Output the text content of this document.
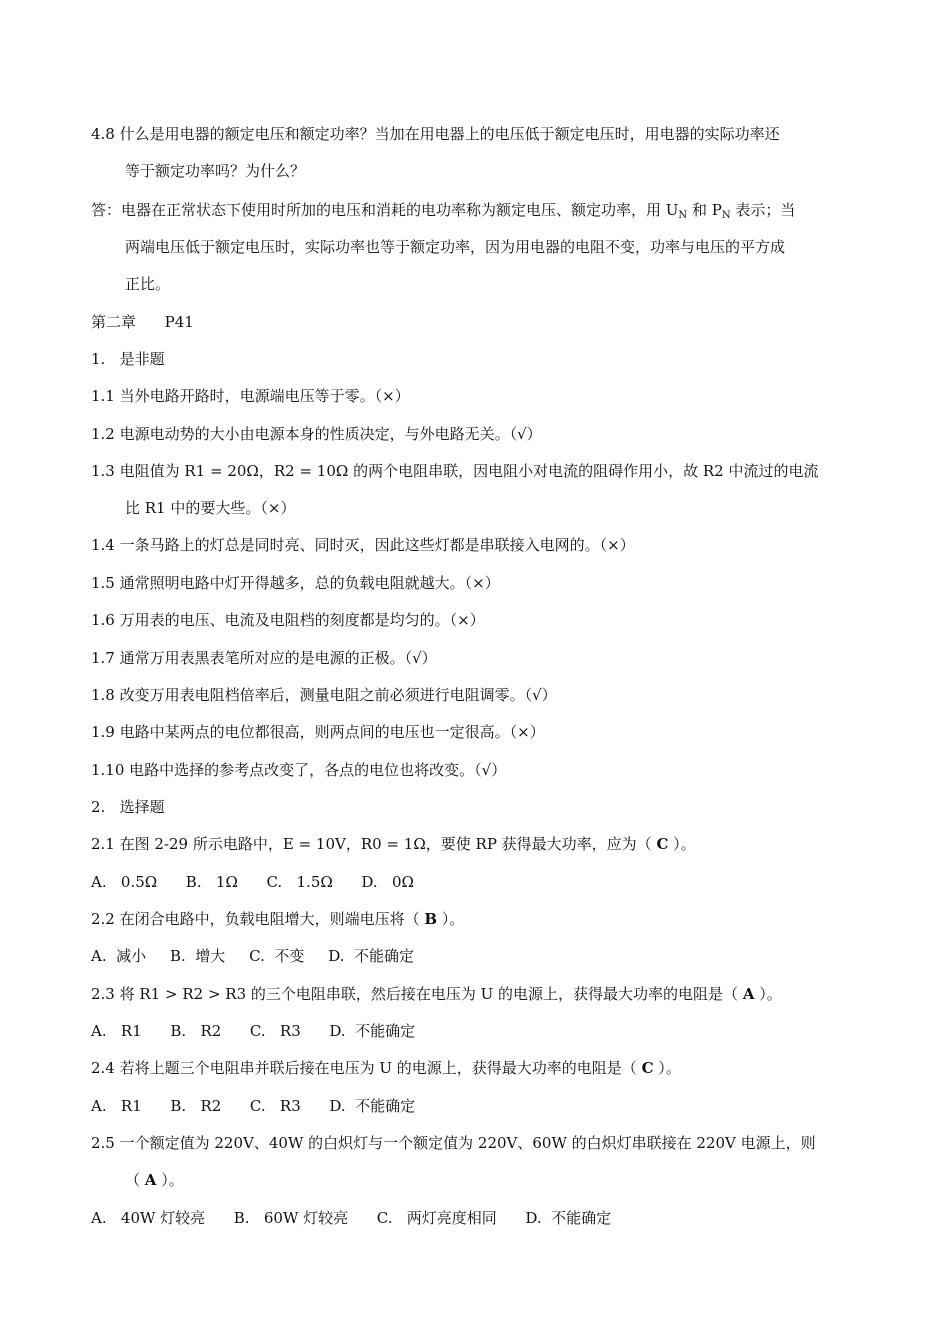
4.8 什么是用电器的额定电压和额定功率？当加在用电器上的电压低于额定电压时，用电器的实际功率还
等于额定功率吗？为什么？
答：电器在正常状态下使用时所加的电压和消耗的电功率称为额定电压、额定功率，用 $U_N$ 和 $P_N$ 表示；当
两端电压低于额定电压时，实际功率也等于额定功率，因为用电器的电阻不变，功率与电压的平方成
正比。
第二章      P41
1.   是非题
1.1 当外电路开路时，电源端电压等于零。（×）
1.2 电源电动势的大小由电源本身的性质决定，与外电路无关。（√）
1.3 电阻值为 R1 = 20Ω，R2 = 10Ω 的两个电阻串联，因电阻小对电流的阻碍作用小，故 R2 中流过的电流
比 R1 中的要大些。（×）
1.4 一条马路上的灯总是同时亮、同时灭，因此这些灯都是串联接入电网的。（×）
1.5 通常照明电路中灯开得越多，总的负载电阻就越大。（×）
1.6 万用表的电压、电流及电阻档的刻度都是均匀的。（×）
1.7 通常万用表黑表笔所对应的是电源的正极。（√）
1.8 改变万用表电阻档倍率后，测量电阻之前必须进行电阻调零。（√）
1.9 电路中某两点的电位都很高，则两点间的电压也一定很高。（×）
1.10 电路中选择的参考点改变了，各点的电位也将改变。（√）
2.   选择题
2.1 在图 2-29 所示电路中，E = 10V，R0 = 1Ω，要使 RP 获得最大功率，应为（ C ）。
A.   0.5Ω      B.   1Ω      C.   1.5Ω      D.   0Ω
2.2 在闭合电路中，负载电阻增大，则端电压将（ B ）。
A.  减小     B.  增大     C.  不变     D.  不能确定
2.3 将 R1 > R2 > R3 的三个电阻串联，然后接在电压为 U 的电源上，获得最大功率的电阻是（ A ）。
A.   R1      B.   R2      C.   R3      D.  不能确定
2.4 若将上题三个电阻串并联后接在电压为 U 的电源上，获得最大功率的电阻是（ C ）。
A.   R1      B.   R2      C.   R3      D.  不能确定
2.5 一个额定值为 220V、40W 的白炽灯与一个额定值为 220V、60W 的白炽灯串联接在 220V 电源上，则
（ A ）。
A.   40W 灯较亮      B.   60W 灯较亮      C.   两灯亮度相同      D.  不能确定
